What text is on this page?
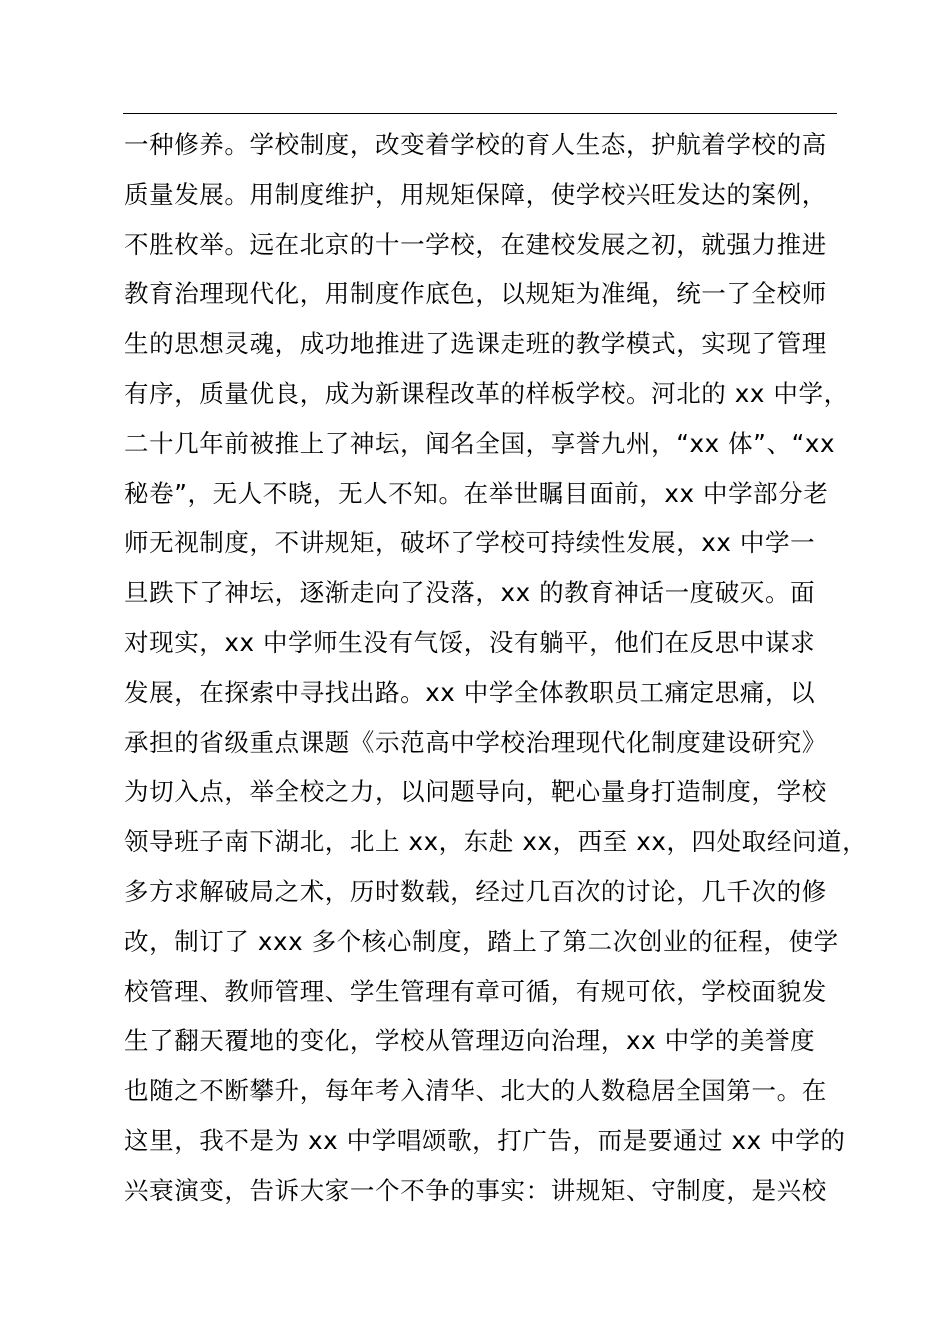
一种修养。学校制度，改变着学校的育人生态，护航着学校的高
质量发展。用制度维护，用规矩保障，使学校兴旺发达的案例，
不胜枚举。远在北京的十一学校，在建校发展之初，就强力推进
教育治理现代化，用制度作底色，以规矩为准绳，统一了全校师
生的思想灵魂，成功地推进了选课走班的教学模式，实现了管理
有序，质量优良，成为新课程改革的样板学校。河北的 xx 中学，
二十几年前被推上了神坛，闻名全国，享誉九州，“xx 体”、“xx
秘卷”，无人不晓，无人不知。在举世瞩目面前，xx 中学部分老
师无视制度，不讲规矩，破坏了学校可持续性发展，xx 中学一
旦跌下了神坛，逐渐走向了没落，xx 的教育神话一度破灭。面
对现实，xx 中学师生没有气馁，没有躺平，他们在反思中谋求
发展，在探索中寻找出路。xx 中学全体教职员工痛定思痛，以
承担的省级重点课题《示范高中学校治理现代化制度建设研究》
为切入点，举全校之力，以问题导向，靶心量身打造制度，学校
领导班子南下湖北，北上 xx，东赴 xx，西至 xx，四处取经问道，
多方求解破局之术，历时数载，经过几百次的讨论，几千次的修
改，制订了 xxx 多个核心制度，踏上了第二次创业的征程，使学
校管理、教师管理、学生管理有章可循，有规可依，学校面貌发
生了翻天覆地的变化，学校从管理迈向治理，xx 中学的美誉度
也随之不断攀升，每年考入清华、北大的人数稳居全国第一。在
这里，我不是为 xx 中学唱颂歌，打广告，而是要通过 xx 中学的
兴衰演变，告诉大家一个不争的事实：讲规矩、守制度，是兴校
